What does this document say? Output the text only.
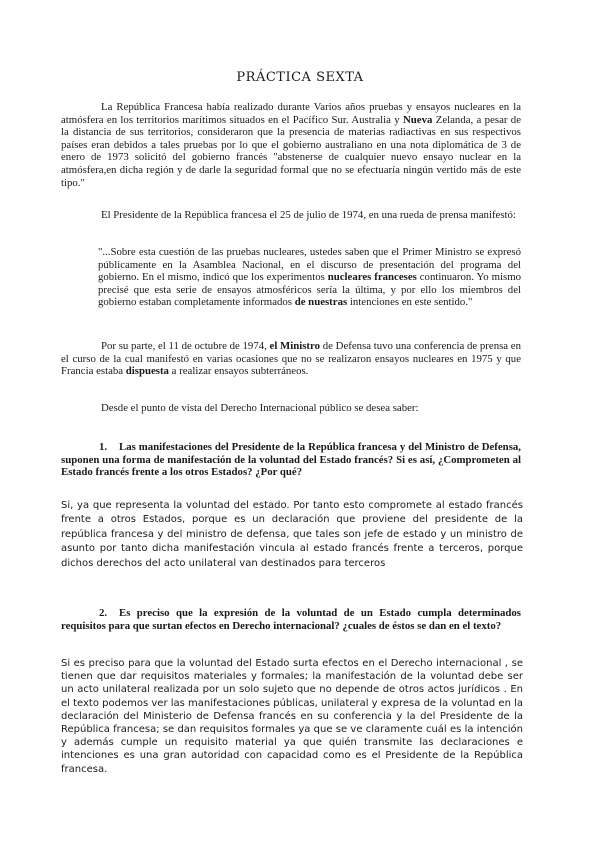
PRÁCTICA SEXTA
La República Francesa había realizado durante Varios años pruebas y ensayos nucleares en la atmósfera en los territorios marítimos situados en el Pacífico Sur. Australia y Nueva Zelanda, a pesar de la distancia de sus territorios, consideraron que la presencia de materias radiactivas en sus respectivos países eran debidos a tales pruebas por lo que el gobierno australiano en una nota diplomática de 3 de enero de 1973 solicitó del gobierno francés "abstenerse de cualquier nuevo ensayo nuclear en la atmósfera,en dicha región y de darle la seguridad formal que no se efectuaría ningún vertido más de este tipo."
El Presidente de la República francesa el 25 de julio de 1974, en una rueda de prensa manifestó:
"...Sobre esta cuestión de las pruebas nucleares, ustedes saben que el Primer Ministro se expresó públicamente en la Asamblea Nacional, en el discurso de presentación del programa del gobierno. En el mismo, indicó que los experimentos nucleares franceses continuaron. Yo mismo precisé que esta serie de ensayos atmosféricos sería la última, y por ello los miembros del gobierno estaban completamente informados de nuestras intenciones en este sentido."
Por su parte, el 11 de octubre de 1974, el Ministro de Defensa tuvo una conferencia de prensa en el curso de la cual manifestó en varias ocasiones que no se realizaron ensayos nucleares en 1975 y que Francia estaba dispuesta a realizar ensayos subterráneos.
Desde el punto de vista del Derecho Internacional público se desea saber:
1. Las manifestaciones del Presidente de la República francesa y del Ministro de Defensa, suponen una forma de manifestación de la voluntad del Estado francés? Si es así, ¿Comprometen al Estado francés frente a los otros Estados? ¿Por qué?
Si, ya que representa la voluntad del estado. Por tanto esto compromete al estado francés frente a otros Estados, porque es un declaración que proviene del presidente de la república francesa y del ministro de defensa, que tales son jefe de estado y un ministro de asunto por tanto dicha manifestación vincula al estado francés frente a terceros, porque dichos derechos del acto unilateral van destinados para terceros
2. Es preciso que la expresión de la voluntad de un Estado cumpla determinados requisitos para que surtan efectos en Derecho internacional? ¿cuales de éstos se dan en el texto?
Si es preciso para que la voluntad del Estado surta efectos en el Derecho internacional , se tienen que dar requisitos materiales y formales; la manifestación de la voluntad debe ser un acto unilateral realizada por un solo sujeto que no depende de otros actos jurídicos . En el texto podemos ver las manifestaciones públicas, unilateral y expresa de la voluntad en la declaración del Ministerio de Defensa francés en su conferencia y la del Presidente de la República francesa; se dan requisitos formales ya que se ve claramente cuál es la intención y además cumple un requisito material ya que quién transmite las declaraciones e intenciones es una gran autoridad con capacidad como es el Presidente de la República francesa.
